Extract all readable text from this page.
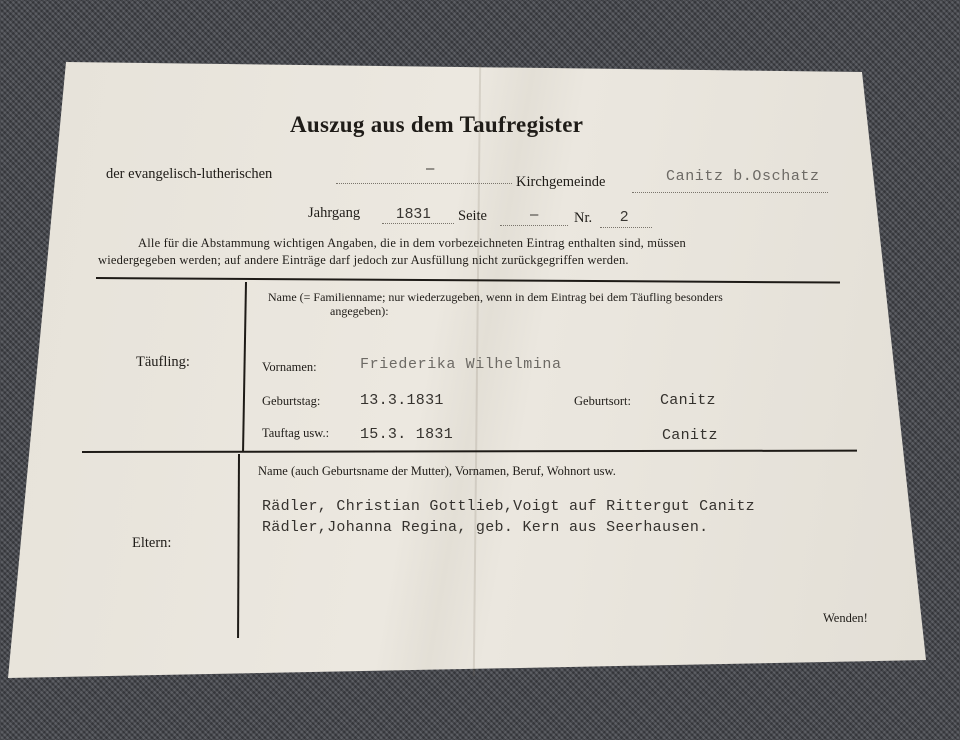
Auszug aus dem Taufregister
der evangelisch-lutherischen	–
Kirchgemeinde	Canitz b.Oschatz
Jahrgang 1831 Seite	– Nr. 2
Alle für die Abstammung wichtigen Angaben, die in dem vorbezeichneten Eintrag enthalten sind, müssen
wiedergegeben werden; auf andere Einträge darf jedoch zur Ausfüllung nicht zurückgegriffen werden.
Täufling:
Name (= Familienname; nur wiederzugeben, wenn in dem Eintrag bei dem Täufling besonders
angegeben):
Vornamen:	Friederika Wilhelmina
Geburtstag:	13.3.1831	Geburtsort: Canitz
Tauftag usw.: 15.3. 1831	Canitz
Eltern:
Name (auch Geburtsname der Mutter), Vornamen, Beruf, Wohnort usw.
Rädler, Christian Gottlieb,Voigt auf Rittergut Canitz
Rädler,Johanna Regina, geb. Kern aus Seerhausen.
Wenden!
